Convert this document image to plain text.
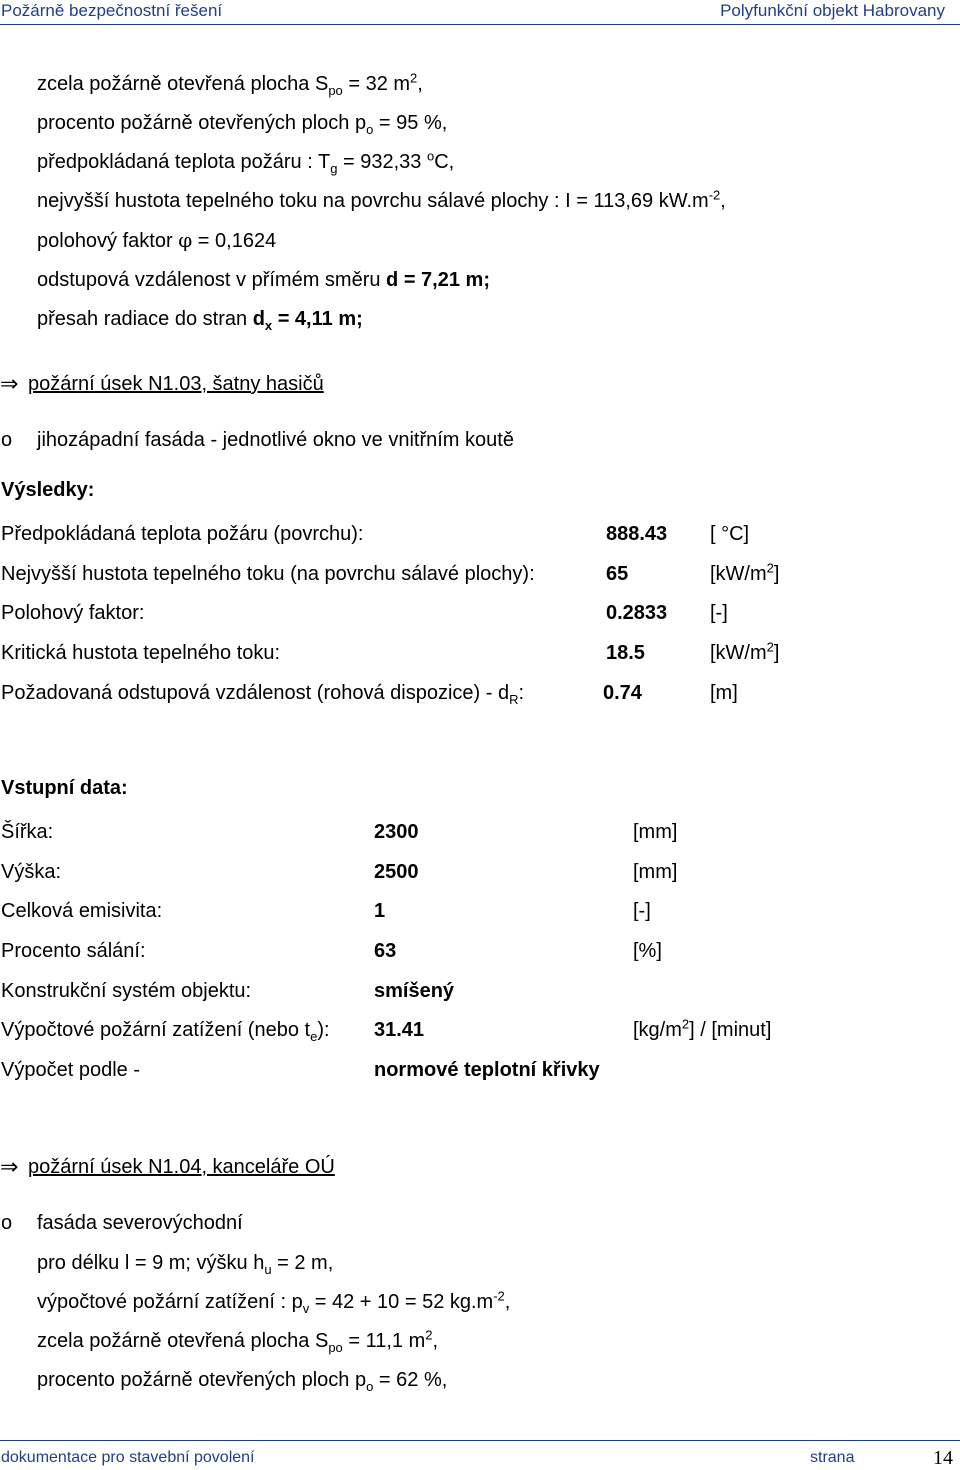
Požárně bezpečnostní řešení	Polyfunkční objekt Habrovany
zcela požárně otevřená plocha $S_{po} = 32$ $m^2$,
procento požárně otevřených ploch $p_o = 95$ %,
předpokládaná teplota požáru : $T_g = 932,33$ $^o$C,
nejvyšší hustota tepelného toku na povrchu sálavé plochy : I = 113,69 $kW.m^{-2}$,
polohový faktor φ = 0,1624
odstupová vzdálenost v přímém směru d = 7,21 m;
přesah radiace do stran $d_x = 4,11$ m;
⇒ požární úsek N1.03, šatny hasičů
o jihozápadní fasáda - jednotlivé okno ve vnitřním koutě
Výsledky:
Předpokládaná teplota požáru (povrchu):	888.43 [ °C]
Nejvyšší hustota tepelného toku (na povrchu sálavé plochy):	65	$[kW/m^2]$
Polohový faktor:	0.2833 [-]
Kritická hustota tepelného toku:	18.5	$[kW/m^2]$
Požadovaná odstupová vzdálenost (rohová dispozice) - $d_R$:	0.74	[m]
Vstupní data:
Šířka:	2300	[mm]
Výška:	2500	[mm]
Celková emisivita:	1	[-]
Procento sálání:	63	[%]
Konstrukční systém objektu:	smíšený
Výpočtové požární zatížení (nebo $t_e$): 31.41	$[kg/m^2]$ / [minut]
Výpočet podle -	normové teplotní křivky
⇒ požární úsek N1.04, kanceláře OÚ
o fasáda severovýchodní
pro délku l = 9 m; výšku $h_u = 2$ m,
výpočtové požární zatížení : $p_v = 42 + 10 = 52$ $kg.m^{-2}$,
zcela požárně otevřená plocha $S_{po} = 11,1$ $m^2$,
procento požárně otevřených ploch $p_o = 62$ %,
dokumentace pro stavební povolení	strana	14
